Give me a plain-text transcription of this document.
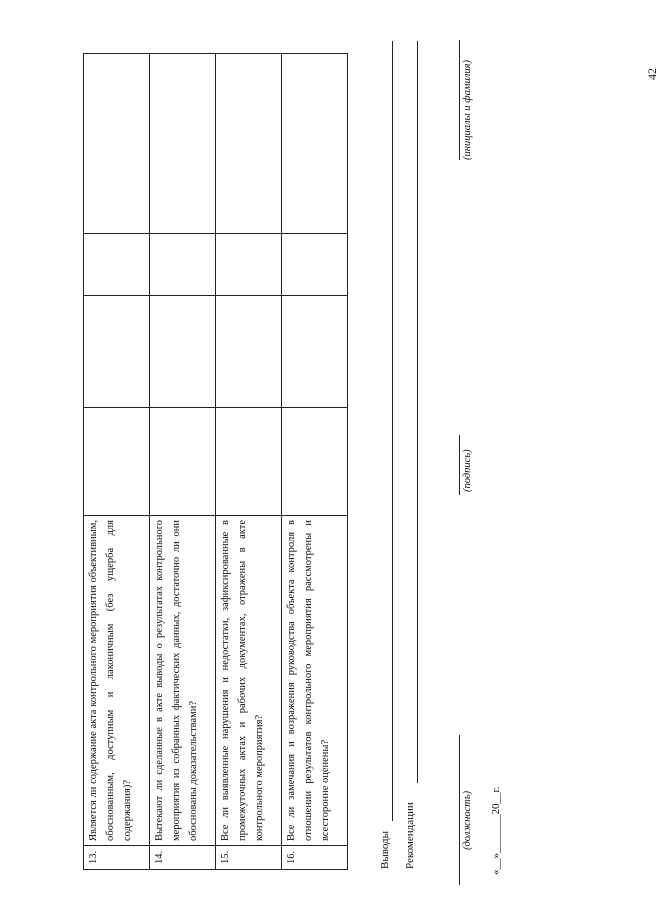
42
13.	Является ли содержание акта контрольного мероприятия объективным, обоснованным, доступным и лаконичным (без ущерба для содержания)?				
14.	Вытекают ли сделанные в акте выводы о результатах контрольного мероприятия из собранных фактических данных, достаточно ли они обоснованы доказательствами?				
15.	Все ли выявленные нарушения и недостатки, зафиксированные в промежуточных актах и рабочих документах, отражены в акте контрольного мероприятия?				
16.	Все ли замечания и возражения руководства объекта контроля в отношении результатов контрольного мероприятия рассмотрены и всесторонне оценены?				
Выводы Рекомендации	(должность)
(подпись)
(инициалы и фамилия)
«__»_______20__г.
